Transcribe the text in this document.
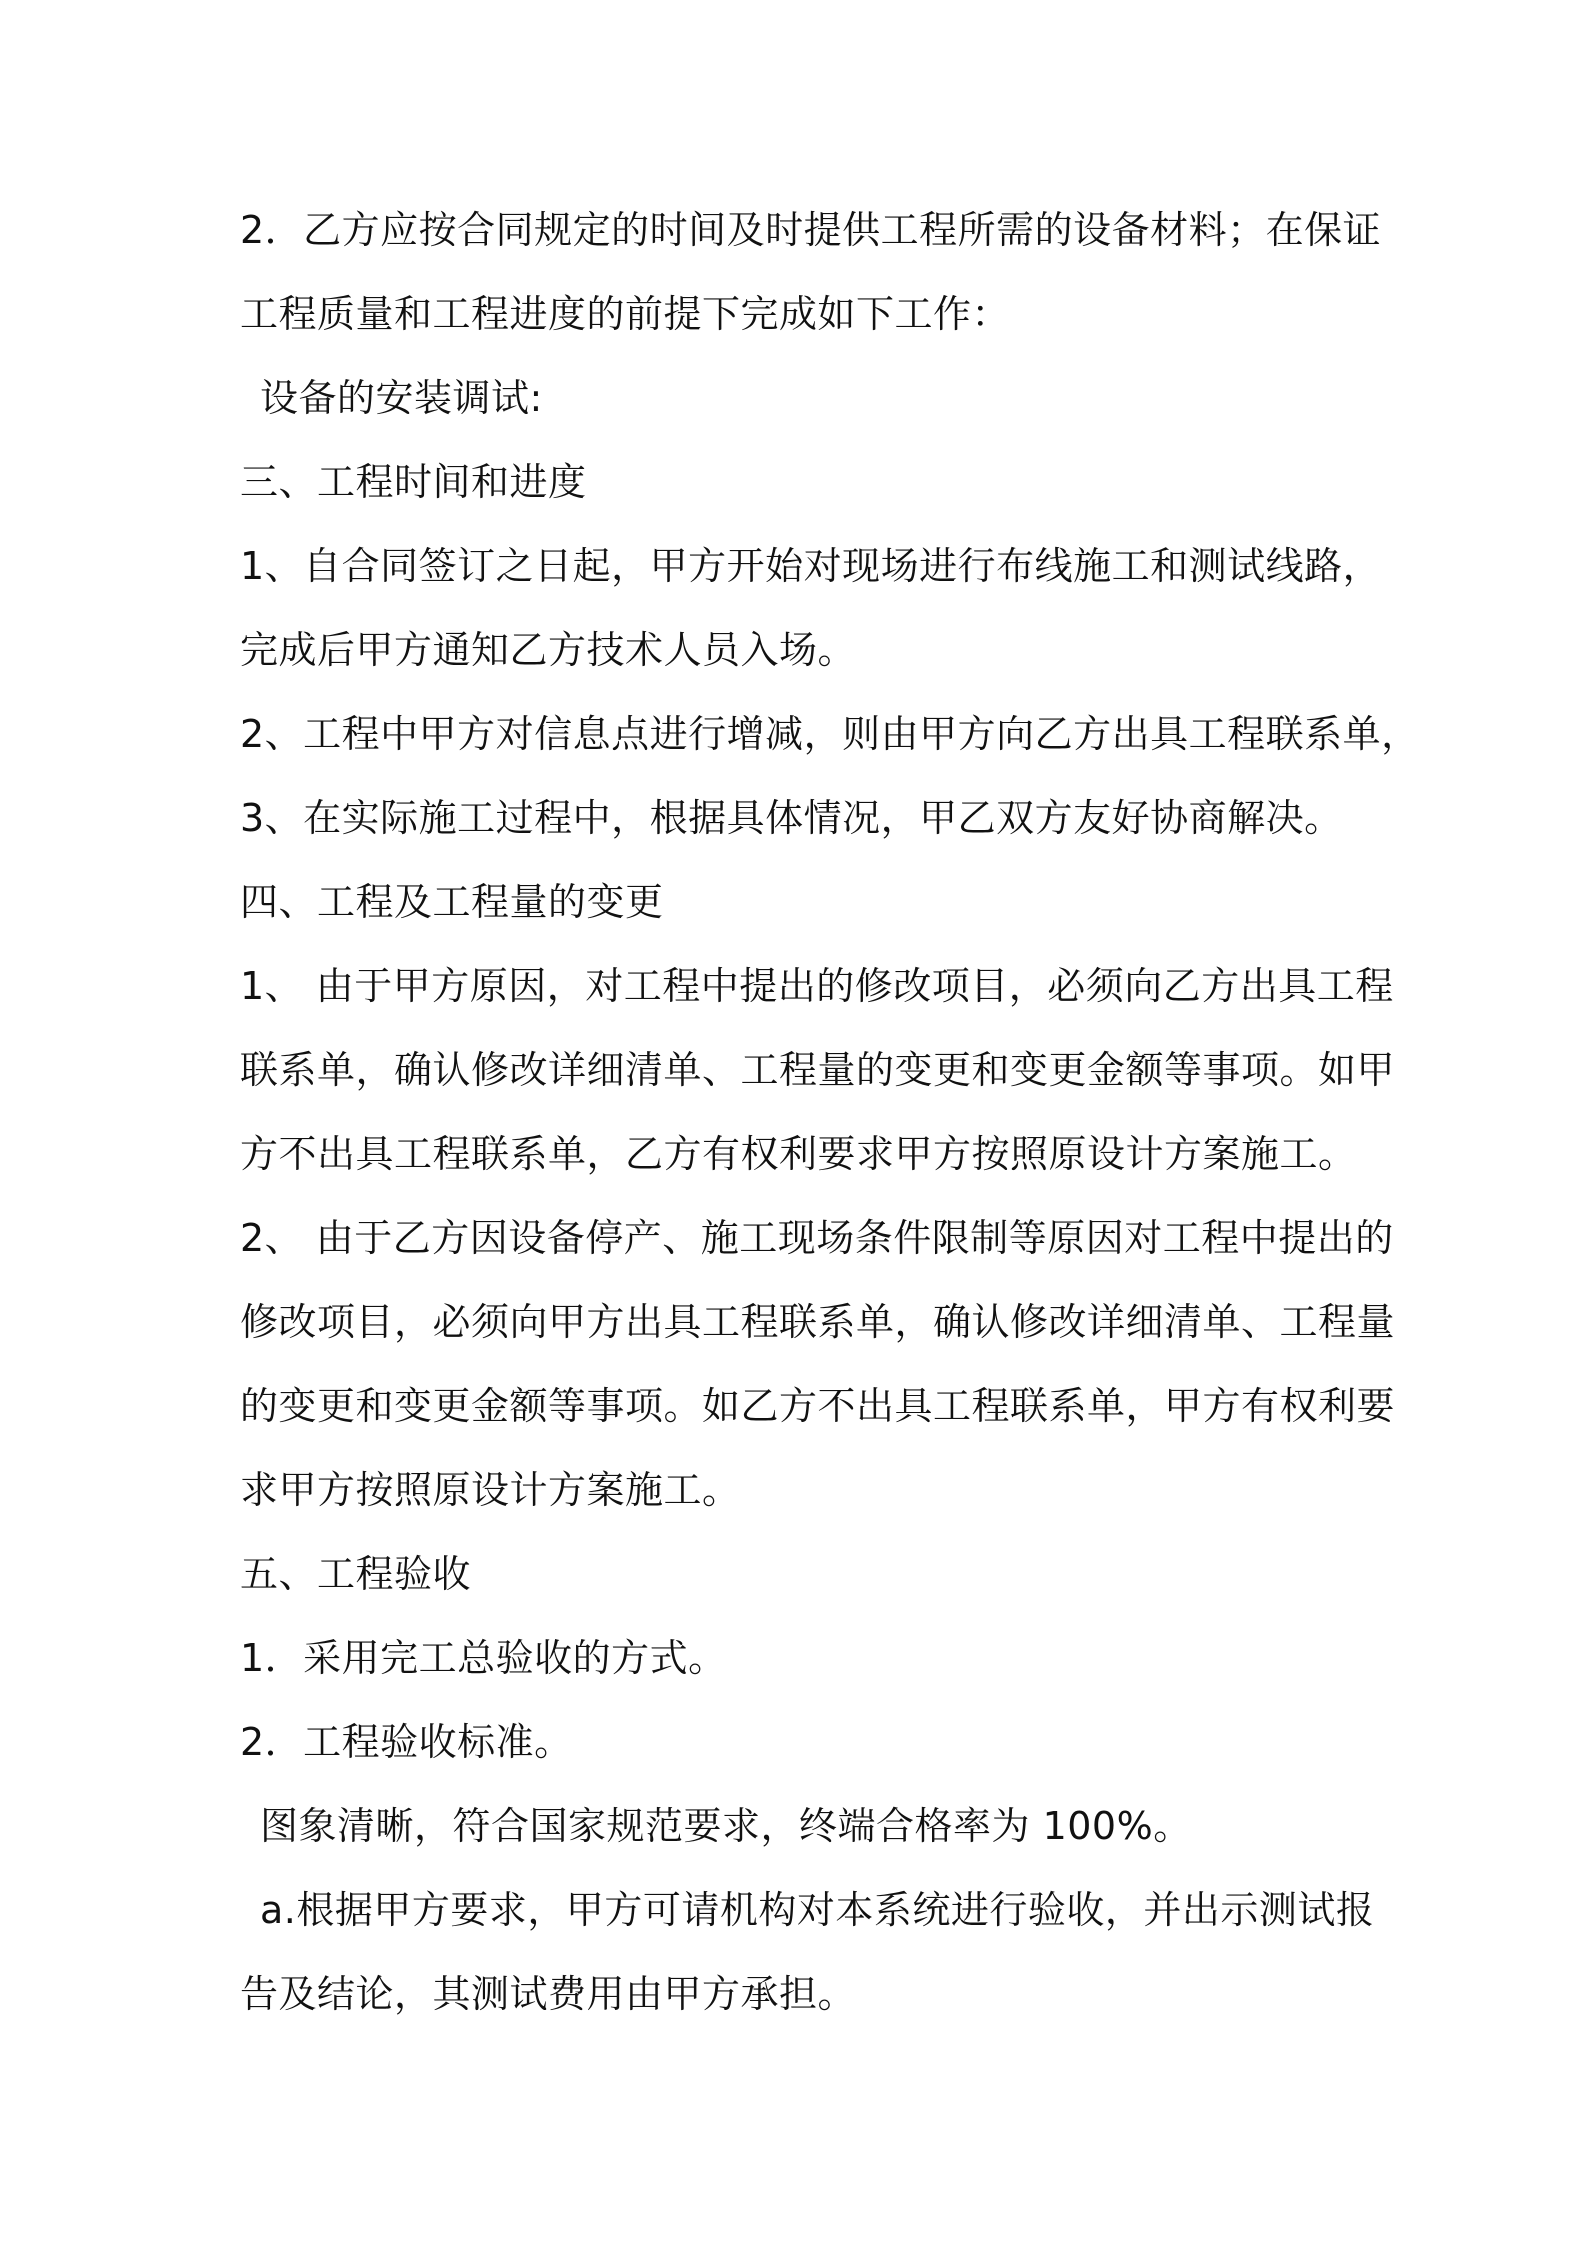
2．乙方应按合同规定的时间及时提供工程所需的设备材料；在保证
工程质量和工程进度的前提下完成如下工作：
设备的安装调试:
三、工程时间和进度
1、自合同签订之日起，甲方开始对现场进行布线施工和测试线路，
完成后甲方通知乙方技术人员入场。
2、工程中甲方对信息点进行增减，则由甲方向乙方出具工程联系单，
3、在实际施工过程中，根据具体情况，甲乙双方友好协商解决。
四、工程及工程量的变更
1、 由于甲方原因，对工程中提出的修改项目，必须向乙方出具工程
联系单，确认修改详细清单、工程量的变更和变更金额等事项。如甲
方不出具工程联系单，乙方有权利要求甲方按照原设计方案施工。
2、 由于乙方因设备停产、施工现场条件限制等原因对工程中提出的
修改项目，必须向甲方出具工程联系单，确认修改详细清单、工程量
的变更和变更金额等事项。如乙方不出具工程联系单，甲方有权利要
求甲方按照原设计方案施工。
五、工程验收
1．采用完工总验收的方式。
2．工程验收标准。
图象清晰，符合国家规范要求，终端合格率为 100%。
a.根据甲方要求，甲方可请机构对本系统进行验收，并出示测试报
告及结论，其测试费用由甲方承担。
